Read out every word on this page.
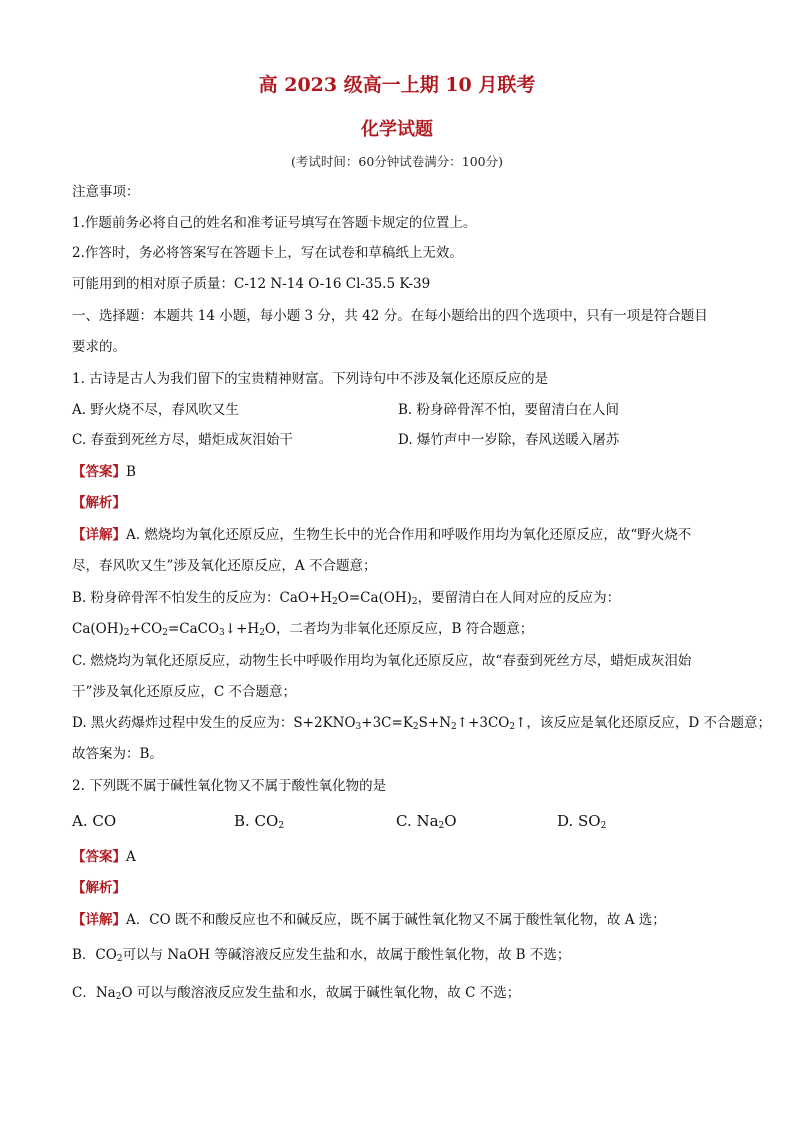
高 2023 级高一上期 10 月联考
化学试题
(考试时间：60分钟试卷满分：100分)
注意事项：
1.作题前务必将自己的姓名和准考证号填写在答题卡规定的位置上。
2.作答时，务必将答案写在答题卡上，写在试卷和草稿纸上无效。
可能用到的相对原子质量：C-12 N-14 O-16 Cl-35.5 K-39
一、选择题：本题共 14 小题，每小题 3 分，共 42 分。在每小题给出的四个选项中，只有一项是符合题目
要求的。
1. 古诗是古人为我们留下的宝贵精神财富。下列诗句中不涉及氧化还原反应的是
A. 野火烧不尽，春风吹又生	B. 粉身碎骨浑不怕，要留清白在人间
C. 春蚕到死丝方尽，蜡炬成灰泪始干	D. 爆竹声中一岁除，春风送暖入屠苏
【答案】B
【解析】
【详解】A. 燃烧均为氧化还原反应，生物生长中的光合作用和呼吸作用均为氧化还原反应，故“野火烧不
尽，春风吹又生”涉及氧化还原反应，A 不合题意；
B. 粉身碎骨浑不怕发生的反应为：$CaO+H_2O=Ca(OH)_2$，要留清白在人间对应的反应为：
$Ca(OH)_2+CO_2=CaCO_3↓+H_2O$，二者均为非氧化还原反应，B 符合题意；
C. 燃烧均为氧化还原反应，动物生长中呼吸作用均为氧化还原反应，故“春蚕到死丝方尽，蜡炬成灰泪始
干”涉及氧化还原反应，C 不合题意；
D. 黑火药爆炸过程中发生的反应为：$S+2KNO_3+3C=K_2S+N_2↑+3CO_2↑$，该反应是氧化还原反应，D 不合题意；
故答案为：B。
2. 下列既不属于碱性氧化物又不属于酸性氧化物的是
A. CO	B. $CO_2$	C. $Na_2O$	D. $SO_2$
【答案】A
【解析】
【详解】A．CO 既不和酸反应也不和碱反应，既不属于碱性氧化物又不属于酸性氧化物，故 A 选；
B．$CO_2$可以与 NaOH 等碱溶液反应发生盐和水，故属于酸性氧化物，故 B 不选；
C．$Na_2O$ 可以与酸溶液反应发生盐和水，故属于碱性氧化物，故 C 不选；
